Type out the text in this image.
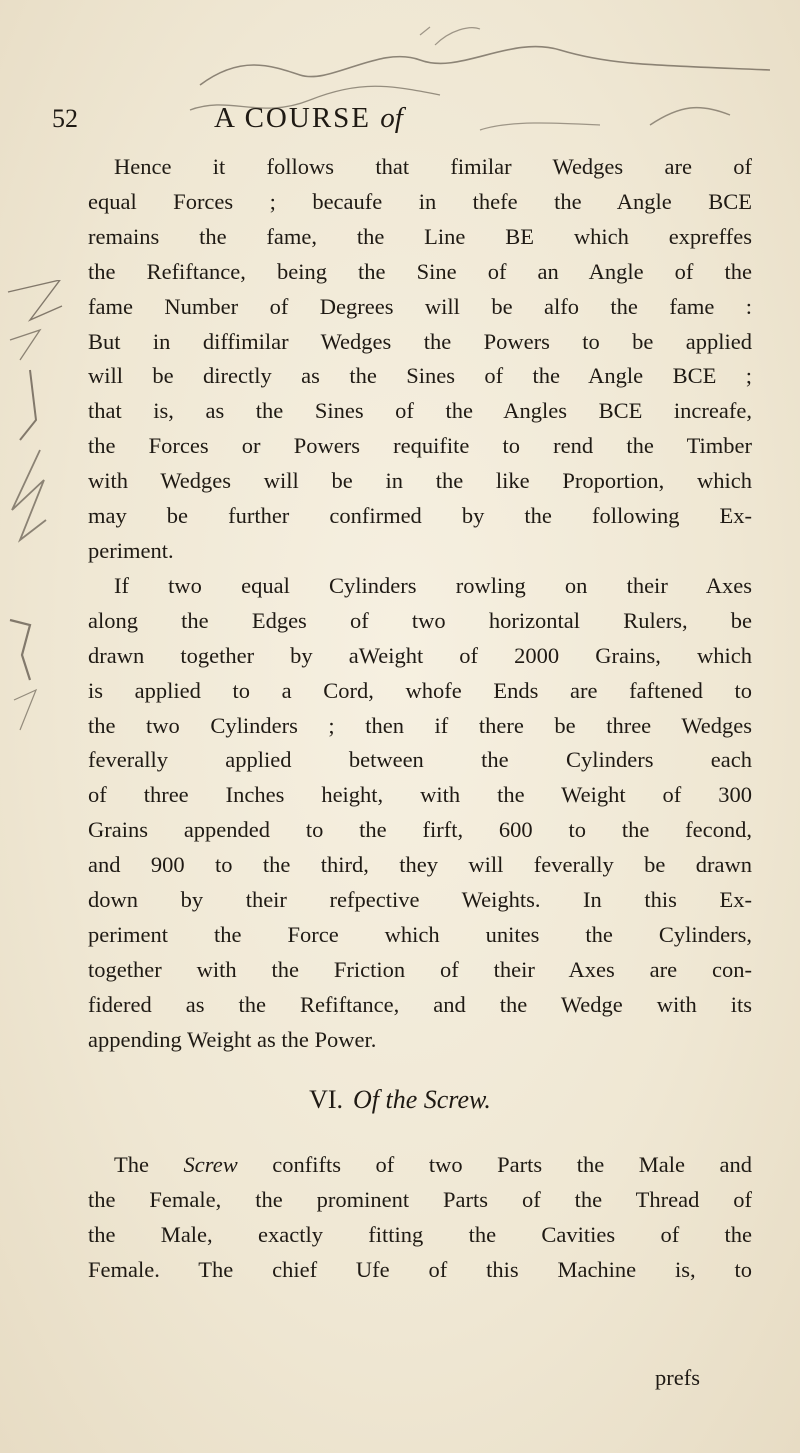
52	A COURSE of
Hence it follows that fimilar Wedges are of
equal Forces ; becaufe in thefe the Angle BCE
remains the fame, the Line BE which expreffes
the Refiftance, being the Sine of an Angle of the
fame Number of Degrees will be alfo the fame :
But in diffimilar Wedges the Powers to be applied
will be directly as the Sines of the Angle BCE ;
that is, as the Sines of the Angles BCE increafe,
the Forces or Powers requifite to rend the Timber
with Wedges will be in the like Proportion, which
may be further confirmed by the following Ex-
periment.
If two equal Cylinders rowling on their Axes
along the Edges of two horizontal Rulers, be
drawn together by aWeight of 2000 Grains, which
is applied to a Cord, whofe Ends are faftened to
the two Cylinders ; then if there be three Wedges
feverally applied between the Cylinders each
of three Inches height, with the Weight of 300
Grains appended to the firft, 600 to the fecond,
and 900 to the third, they will feverally be drawn
down by their refpective Weights. In this Ex-
periment the Force which unites the Cylinders,
together with the Friction of their Axes are con-
fidered as the Refiftance, and the Wedge with its
appending Weight as the Power.
VI. Of the Screw.
The Screw confifts of two Parts the Male and
the Female, the prominent Parts of the Thread of
the Male, exactly fitting the Cavities of the
Female. The chief Ufe of this Machine is, to
prefs
